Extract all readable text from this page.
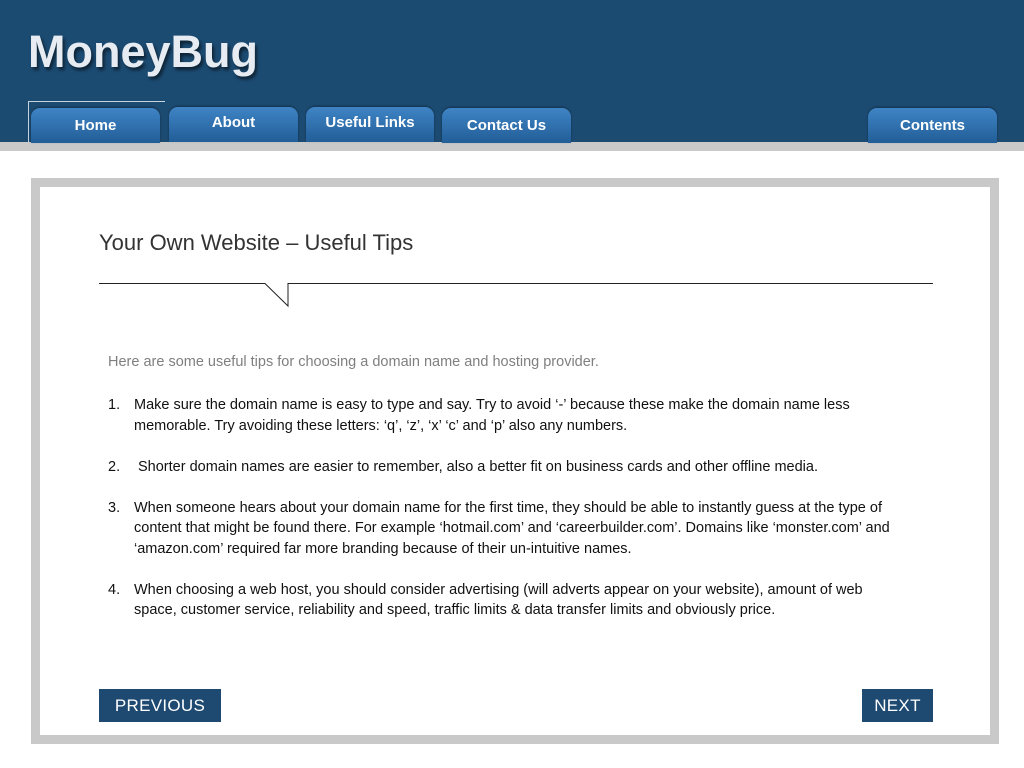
MoneyBug
Home	About	Useful Links	Contact Us	Contents
Your Own Website – Useful Tips
Here are some useful tips for choosing a domain name and hosting provider.
1. Make sure the domain name is easy to type and say. Try to avoid ‘-’ because these make the domain name less memorable. Try avoiding these letters: ‘q’, ‘z’, ‘x’ ‘c’ and ‘p’ also any numbers.
2.	Shorter domain names are easier to remember, also a better fit on business cards and other offline media.
3. When someone hears about your domain name for the first time, they should be able to instantly guess at the type of content that might be found there. For example ‘hotmail.com’ and ‘careerbuilder.com’. Domains like ‘monster.com’ and ‘amazon.com’ required far more branding because of their un-intuitive names.
4. When choosing a web host, you should consider advertising (will adverts appear on your website), amount of web space, customer service, reliability and speed, traffic limits & data transfer limits and obviously price.
PREVIOUS	NEXT
